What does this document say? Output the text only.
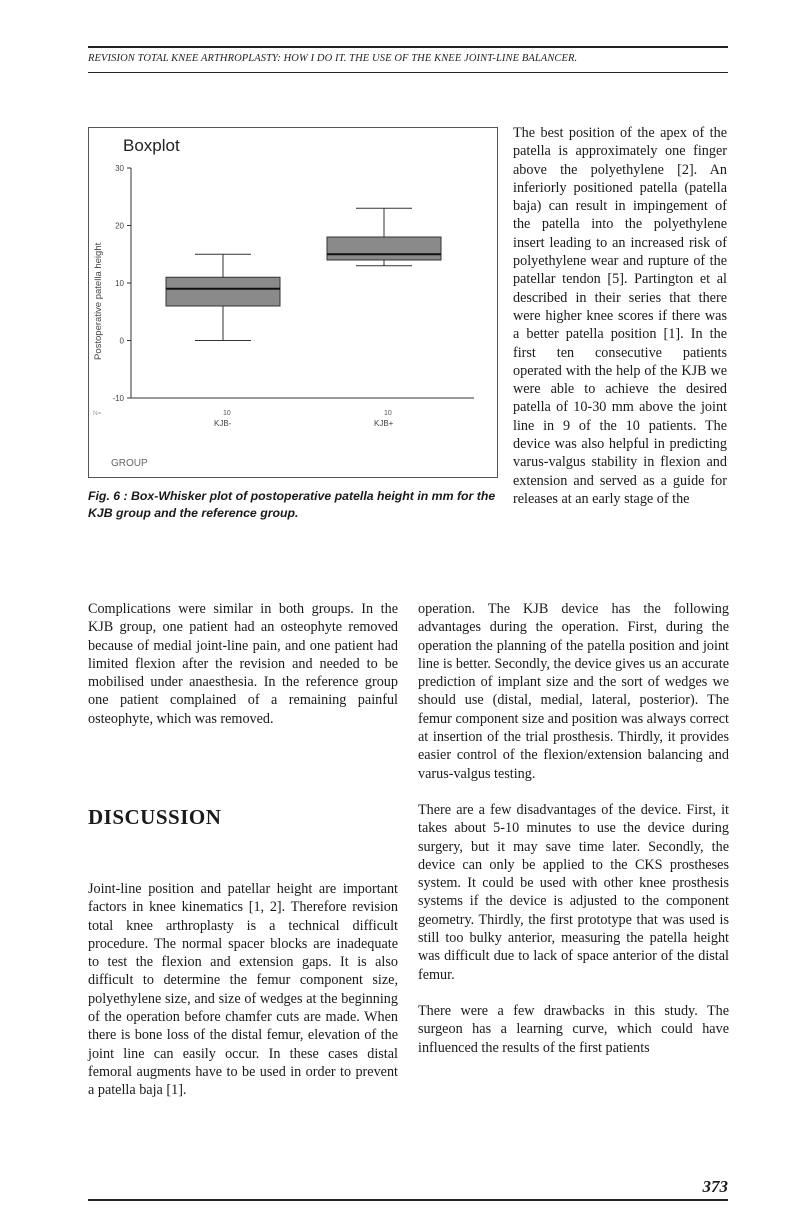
REVISION TOTAL KNEE ARTHROPLASTY: HOW I DO IT. THE USE OF THE KNEE JOINT-LINE BALANCER.
Boxplot
Postoperative patella height
-10
0
10
20
30
N=	10	10
KJB-	KJB+
GROUP
Fig. 6 : Box-Whisker plot of postoperative patella height in mm for the KJB group and the reference group.

The best position of the apex of the patella is approximately one finger above the polyethylene [2]. An inferiorly positioned patella (patella baja) can result in impingement of the patella into the polyethylene insert leading to an increased risk of polyethylene wear and rupture of the patellar tendon [5]. Partington et al described in their series that there were higher knee scores if there was a better patella position [1]. In the first ten consecutive patients operated with the help of the KJB we were able to achieve the desired patella of 10-30 mm above the joint line in 9 of the 10 patients. The device was also helpful in predicting varus-valgus stability in flexion and extension and served as a guide for releases at an early stage of the

operation. The KJB device has the following advantages during the operation. First, during the operation the planning of the patella position and joint line is better. Secondly, the device gives us an accurate prediction of implant size and the sort of wedges we should use (distal, medial, lateral, posterior). The femur component size and position was always correct at insertion of the trial prosthesis. Thirdly, it provides easier control of the flexion/extension balancing and varus-valgus testing.

There are a few disadvantages of the device. First, it takes about 5-10 minutes to use the device during surgery, but it may save time later. Secondly, the device can only be applied to the CKS prostheses system. It could be used with other knee prosthesis systems if the device is adjusted to the component geometry. Thirdly, the first prototype that was used is still too bulky anterior, measuring the patella height was difficult due to lack of space anterior of the distal femur.

There were a few drawbacks in this study. The surgeon has a learning curve, which could have influenced the results of the first patients

Complications were similar in both groups. In the KJB group, one patient had an osteophyte removed because of medial joint-line pain, and one patient had limited flexion after the revision and needed to be mobilised under anaesthesia. In the reference group one patient complained of a remaining painful osteophyte, which was removed.

DISCUSSION

Joint-line position and patellar height are important factors in knee kinematics [1, 2]. Therefore revision total knee arthroplasty is a technical difficult procedure. The normal spacer blocks are inadequate to test the flexion and extension gaps. It is also difficult to determine the femur component size, polyethylene size, and size of wedges at the beginning of the operation before chamfer cuts are made. When there is bone loss of the distal femur, elevation of the joint line can easily occur. In these cases distal femoral augments have to be used in order to prevent a patella baja [1].

373
